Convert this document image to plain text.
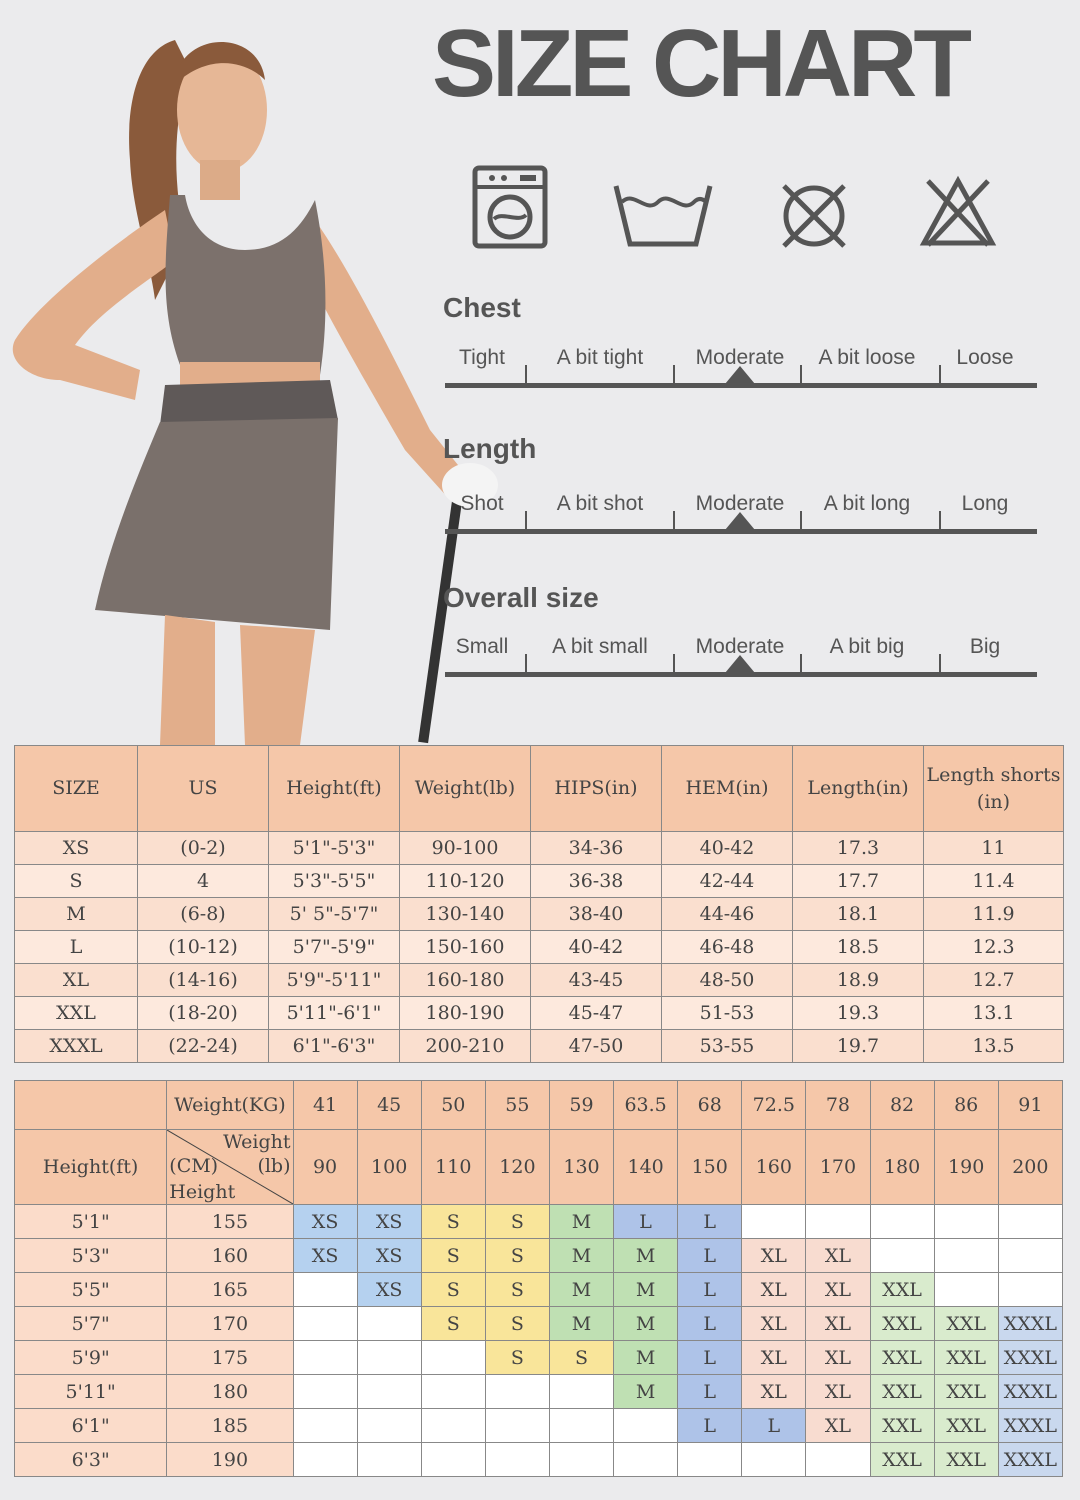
SIZE CHART
Chest
Tight A bit tight Moderate A bit loose Loose
Length
Shot	A bit shot Moderate A bit long Long
Overall size
Small A bit small Moderate A bit big	Big
SIZE	US	Height(ft)	Weight(lb)	HIPS(in)	HEM(in)	Length(in)	Length shorts (in)
XS	(0-2)	5'1"-5'3"	90-100	34-36	40-42	17.3	11
S	4	5'3"-5'5"	110-120	36-38	42-44	17.7	11.4
M	(6-8)	5' 5"-5'7"	130-140	38-40	44-46	18.1	11.9
L	(10-12)	5'7"-5'9"	150-160	40-42	46-48	18.5	12.3
XL	(14-16)	5'9"-5'11"	160-180	43-45	48-50	18.9	12.7
XXL	(18-20)	5'11"-6'1"	180-190	45-47	51-53	19.3	13.1
XXXL	(22-24)	6'1"-6'3"	200-210	47-50	53-55	19.7	13.5
	Weight(KG)	41	45	50	55	59	63.5	68	72.5	78	82	86	91
Height(ft)	Weight
(CM) (lb)
Height	90	100	110	120	130	140	150	160	170	180	190	200
5'1"	155	XS	XS	S	S	M	L	L					
5'3"	160	XS	XS	S	S	M	M	L	XL	XL			
5'5"	165		XS	S	S	M	M	L	XL	XL	XXL		
5'7"	170			S	S	M	M	L	XL	XL	XXL	XXL	XXXL
5'9"	175				S	S	M	L	XL	XL	XXL	XXL	XXXL
5'11"	180						M	L	XL	XL	XXL	XXL	XXXL
6'1"	185							L	L	XL	XXL	XXL	XXXL
6'3"	190										XXL	XXL	XXXL
